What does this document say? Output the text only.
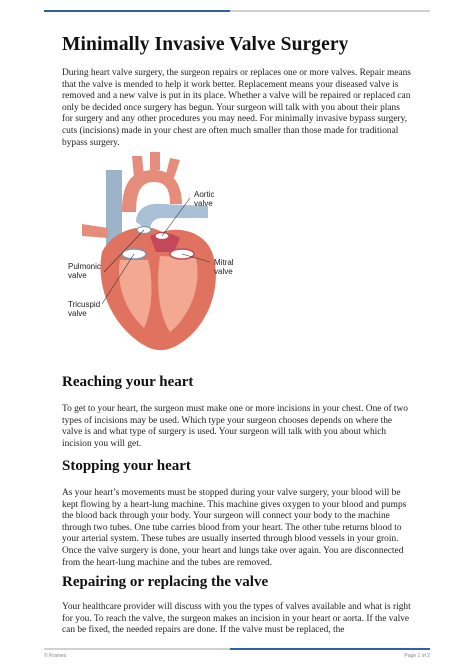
Minimally Invasive Valve Surgery

During heart valve surgery, the surgeon repairs or replaces one or more valves. Repair means that the valve is mended to help it work better. Replacement means your diseased valve is removed and a new valve is put in its place. Whether a valve will be repaired or replaced can only be decided once surgery has begun. Your surgeon will talk with you about their plans for surgery and any other procedures you may need. For minimally invasive bypass surgery, cuts (incisions) made in your chest are often much smaller than those made for traditional bypass surgery.

Aortic
valve
Pulmonic
valve
Mitral
valve
Tricuspid
valve
Reaching your heart

To get to your heart, the surgeon must make one or more incisions in your chest. One of two types of incisions may be used. Which type your surgeon chooses depends on where the valve is and what type of surgery is used. Your surgeon will talk with you about which incision you will get.

Stopping your heart

As your heart’s movements must be stopped during your valve surgery, your blood will be kept flowing by a heart-lung machine. This machine gives oxygen to your blood and pumps the blood back through your body. Your surgeon will connect your body to the machine through two tubes. One tube carries blood from your heart. The other tube returns blood to your arterial system. These tubes are usually inserted through blood vessels in your groin. Once the valve surgery is done, your heart and lungs take over again. You are disconnected from the heart-lung machine and the tubes are removed.

Repairing or replacing the valve

Your healthcare provider will discuss with you the types of valves available and what is right for you. To reach the valve, the surgeon makes an incision in your heart or aorta. If the valve can be fixed, the needed repairs are done. If the valve must be replaced, the

© Krames	Page 1 of 2
